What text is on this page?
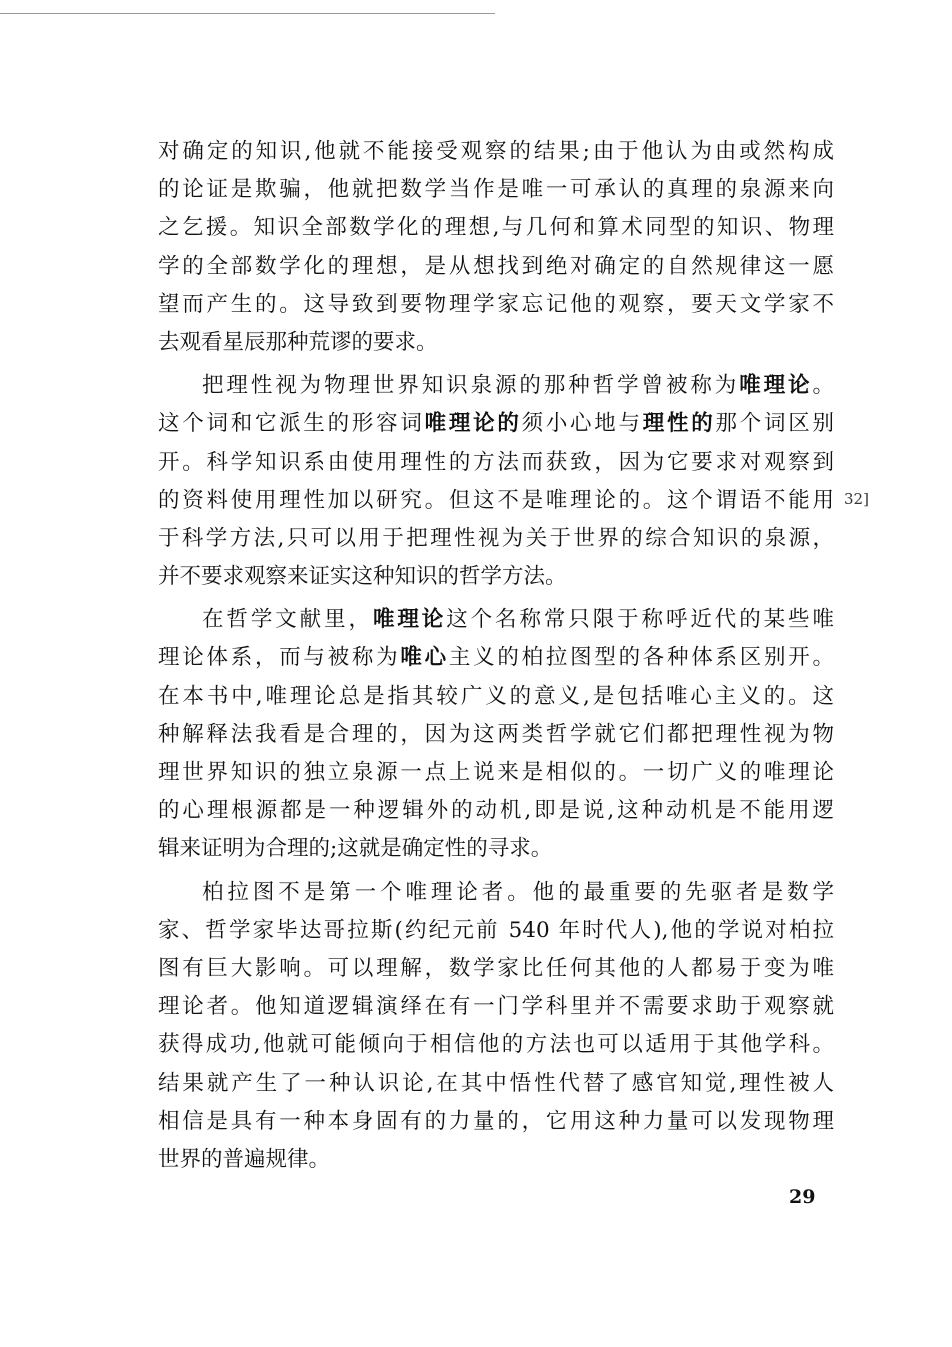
对确定的知识,他就不能接受观察的结果;由于他认为由或然构成
的论证是欺骗，他就把数学当作是唯一可承认的真理的泉源来向
之乞援。知识全部数学化的理想,与几何和算术同型的知识、物理
学的全部数学化的理想，是从想找到绝对确定的自然规律这一愿
望而产生的。这导致到要物理学家忘记他的观察，要天文学家不
去观看星辰那种荒谬的要求。
把理性视为物理世界知识泉源的那种哲学曾被称为唯理论。
这个词和它派生的形容词唯理论的须小心地与理性的那个词区别
开。科学知识系由使用理性的方法而获致，因为它要求对观察到
的资料使用理性加以研究。但这不是唯理论的。这个谓语不能用
于科学方法,只可以用于把理性视为关于世界的综合知识的泉源，
并不要求观察来证实这种知识的哲学方法。
在哲学文献里，唯理论这个名称常只限于称呼近代的某些唯
理论体系，而与被称为唯心主义的柏拉图型的各种体系区别开。
在本书中,唯理论总是指其较广义的意义,是包括唯心主义的。这
种解释法我看是合理的，因为这两类哲学就它们都把理性视为物
理世界知识的独立泉源一点上说来是相似的。一切广义的唯理论
的心理根源都是一种逻辑外的动机,即是说,这种动机是不能用逻
辑来证明为合理的;这就是确定性的寻求。
柏拉图不是第一个唯理论者。他的最重要的先驱者是数学
家、哲学家毕达哥拉斯(约纪元前 540 年时代人),他的学说对柏拉
图有巨大影响。可以理解，数学家比任何其他的人都易于变为唯
理论者。他知道逻辑演绎在有一门学科里并不需要求助于观察就
获得成功,他就可能倾向于相信他的方法也可以适用于其他学科。
结果就产生了一种认识论,在其中悟性代替了感官知觉,理性被人
相信是具有一种本身固有的力量的，它用这种力量可以发现物理
世界的普遍规律。
32]
29
